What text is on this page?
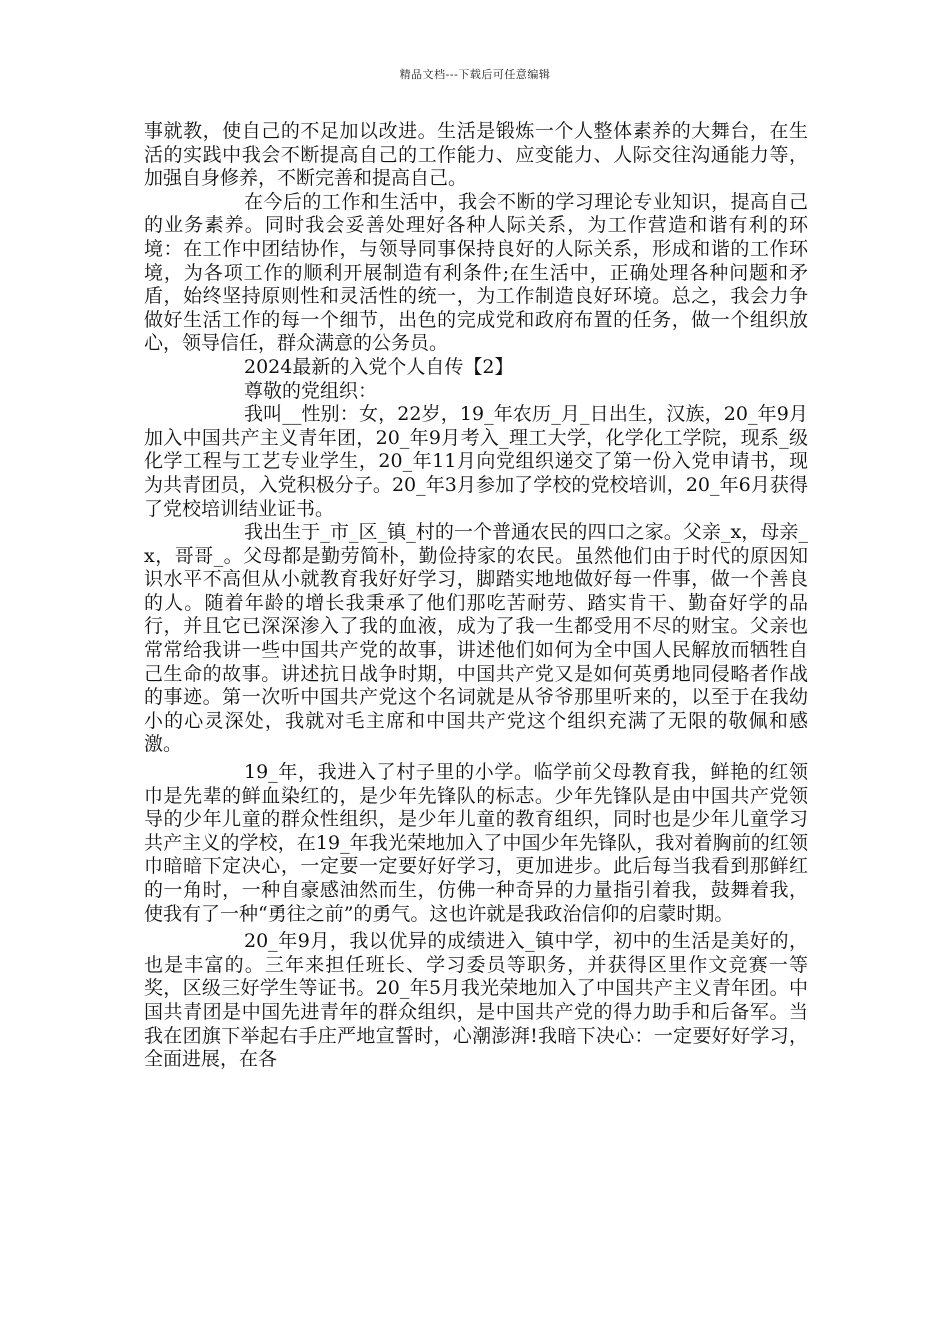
精品文档---下载后可任意编辑

事就教，使自己的不足加以改进。生活是锻炼一个人整体素养的大舞台，在生活的实践中我会不断提高自己的工作能力、应变能力、人际交往沟通能力等，加强自身修养，不断完善和提高自己。

在今后的工作和生活中，我会不断的学习理论专业知识，提高自己的业务素养。同时我会妥善处理好各种人际关系，为工作营造和谐有利的环境：在工作中团结协作，与领导同事保持良好的人际关系，形成和谐的工作环境，为各项工作的顺利开展制造有利条件;在生活中，正确处理各种问题和矛盾，始终坚持原则性和灵活性的统一，为工作制造良好环境。总之，我会力争做好生活工作的每一个细节，出色的完成党和政府布置的任务，做一个组织放心，领导信任，群众满意的公务员。

2024最新的入党个人自传【2】

尊敬的党组织：

我叫__性别：女，22岁，19_年农历_月_日出生，汉族，20_年9月加入中国共产主义青年团，20_年9月考入_理工大学，化学化工学院，现系_级化学工程与工艺专业学生，20_年11月向党组织递交了第一份入党申请书，现为共青团员，入党积极分子。20_年3月参加了学校的党校培训，20_年6月获得了党校培训结业证书。

我出生于_市_区_镇_村的一个普通农民的四口之家。父亲_x，母亲_x，哥哥_。父母都是勤劳简朴，勤俭持家的农民。虽然他们由于时代的原因知识水平不高但从小就教育我好好学习，脚踏实地地做好每一件事，做一个善良的人。随着年龄的增长我秉承了他们那吃苦耐劳、踏实肯干、勤奋好学的品行，并且它已深深渗入了我的血液，成为了我一生都受用不尽的财宝。父亲也常常给我讲一些中国共产党的故事，讲述他们如何为全中国人民解放而牺牲自己生命的故事。讲述抗日战争时期，中国共产党又是如何英勇地同侵略者作战的事迹。第一次听中国共产党这个名词就是从爷爷那里听来的，以至于在我幼小的心灵深处，我就对毛主席和中国共产党这个组织充满了无限的敬佩和感激。

19_年，我进入了村子里的小学。临学前父母教育我，鲜艳的红领巾是先辈的鲜血染红的，是少年先锋队的标志。少年先锋队是由中国共产党领导的少年儿童的群众性组织，是少年儿童的教育组织，同时也是少年儿童学习共产主义的学校，在19_年我光荣地加入了中国少年先锋队，我对着胸前的红领巾暗暗下定决心，一定要一定要好好学习，更加进步。此后每当我看到那鲜红的一角时，一种自豪感油然而生，仿佛一种奇异的力量指引着我，鼓舞着我，使我有了一种“勇往之前”的勇气。这也许就是我政治信仰的启蒙时期。

20_年9月，我以优异的成绩进入_镇中学，初中的生活是美好的，也是丰富的。三年来担任班长、学习委员等职务，并获得区里作文竞赛一等奖，区级三好学生等证书。20_年5月我光荣地加入了中国共产主义青年团。中国共青团是中国先进青年的群众组织，是中国共产党的得力助手和后备军。当我在团旗下举起右手庄严地宣誓时，心潮澎湃!我暗下决心：一定要好好学习，全面进展，在各
